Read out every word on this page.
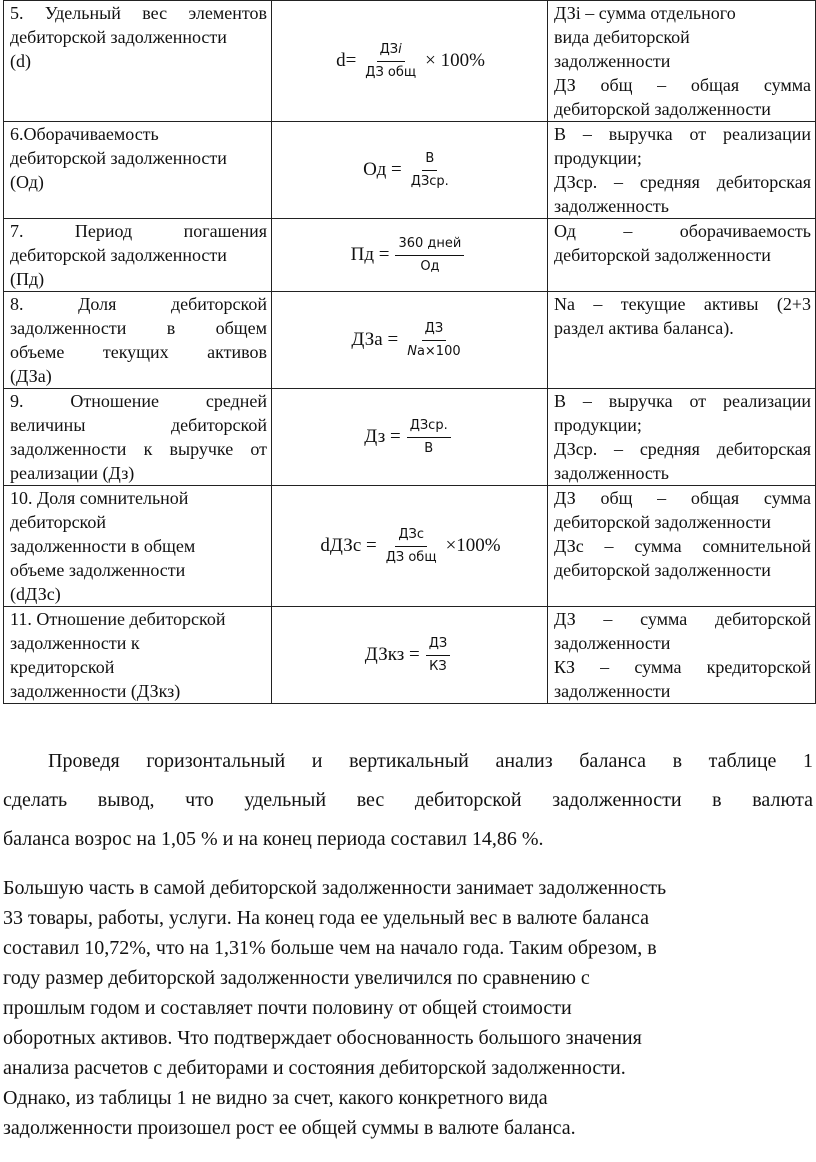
5. Удельный вес элементов
дебиторской задолженности
(d)	$d= \frac{\text{ДЗi}}{\text{ДЗ общ}} \times 100\%$	ДЗi – сумма отдельного
вида дебиторской
задолженности
ДЗ общ – общая сумма
дебиторской задолженности

6.Оборачиваемость
дебиторской задолженности
(Од)	Од = $\frac{В}{\text{ДЗср.}}$	В – выручка от реализации
продукции;
ДЗср. – средняя дебиторская
задолженность

7. Период погашения
дебиторской задолженности
(Пд)	Пд = $\frac{\text{360 дней}}{Од}$	Од – оборачиваемость
дебиторской задолженности

8. Доля дебиторской
задолженности в общем
объеме текущих активов
(ДЗа)	ДЗа = $\frac{ДЗ}{Na\times 100}$	Na – текущие активы (2+3
раздел актива баланса).

9. Отношение средней
величины дебиторской
задолженности к выручке от
реализации (Дз)	Дз = $\frac{\text{ДЗср.}}{В}$	В – выручка от реализации
продукции;
ДЗср. – средняя дебиторская
задолженность

10. Доля сомнительной
дебиторской
задолженности в общем
объеме задолженности
(dДЗс)	dДЗс = $\frac{\text{ДЗс}}{\text{ДЗ общ}} \times 100\%$	ДЗ общ – общая сумма
дебиторской задолженности
ДЗс – сумма сомнительной
дебиторской задолженности

11. Отношение дебиторской
задолженности к
кредиторской
задолженности (ДЗкз)	ДЗкз = $\frac{ДЗ}{КЗ}$	ДЗ – сумма дебиторской
задолженности
КЗ – сумма кредиторской
задолженности
Проведя горизонтальный и вертикальный анализ баланса в таблице 1
сделать вывод, что удельный вес дебиторской задолженности в валюта
баланса возрос на 1,05 % и на конец периода составил 14,86 %.
Большую часть в самой дебиторской задолженности занимает задолженность
33 товары, работы, услуги. На конец года ее удельный вес в валюте баланса
составил 10,72%, что на 1,31% больше чем на начало года. Таким обрезом, в
году размер дебиторской задолженности увеличился по сравнению с
прошлым годом и составляет почти половину от общей стоимости
оборотных активов. Что подтверждает обоснованность большого значения
анализа расчетов с дебиторами и состояния дебиторской задолженности.
Однако, из таблицы 1 не видно за счет, какого конкретного вида
задолженности произошел рост ее общей суммы в валюте баланса.
